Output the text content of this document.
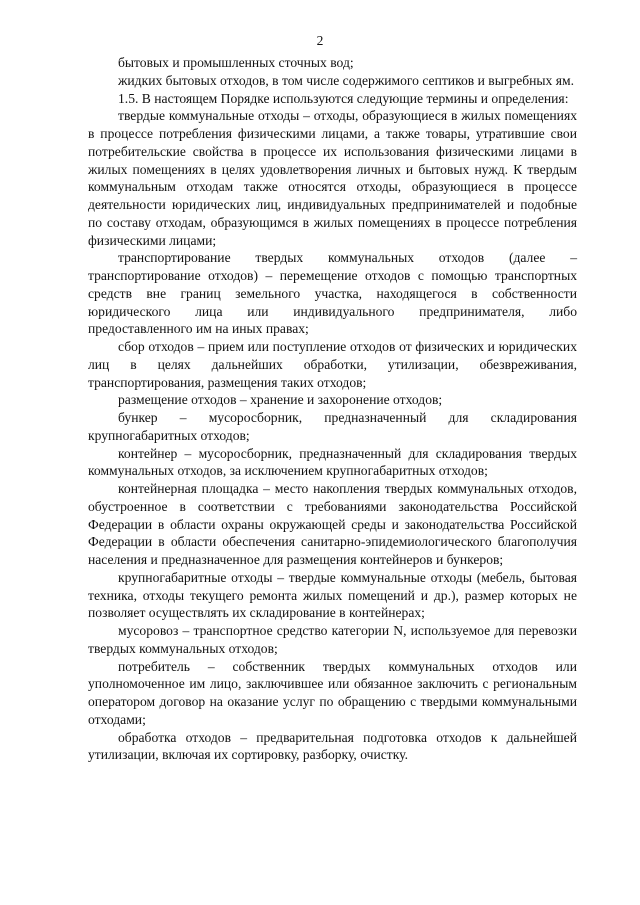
2

бытовых и промышленных сточных вод;

жидких бытовых отходов, в том числе содержимого септиков и выгребных ям.

1.5. В настоящем Порядке используются следующие термины и определения:

твердые коммунальные отходы – отходы, образующиеся в жилых помещениях в процессе потребления физическими лицами, а также товары, утратившие свои потребительские свойства в процессе их использования физическими лицами в жилых помещениях в целях удовлетворения личных и бытовых нужд. К твердым коммунальным отходам также относятся отходы, образующиеся в процессе деятельности юридических лиц, индивидуальных предпринимателей и подобные по составу отходам, образующимся в жилых помещениях в процессе потребления физическими лицами;

транспортирование твердых коммунальных отходов (далее – транспортирование отходов) – перемещение отходов с помощью транспортных средств вне границ земельного участка, находящегося в собственности юридического лица или индивидуального предпринимателя, либо предоставленного им на иных правах;

сбор отходов – прием или поступление отходов от физических и юридических лиц в целях дальнейших обработки, утилизации, обезвреживания, транспортирования, размещения таких отходов;

размещение отходов – хранение и захоронение отходов;

бункер – мусоросборник, предназначенный для складирования крупногабаритных отходов;

контейнер – мусоросборник, предназначенный для складирования твердых коммунальных отходов, за исключением крупногабаритных отходов;

контейнерная площадка – место накопления твердых коммунальных отходов, обустроенное в соответствии с требованиями законодательства Российской Федерации в области охраны окружающей среды и законодательства Российской Федерации в области обеспечения санитарно-эпидемиологического благополучия населения и предназначенное для размещения контейнеров и бункеров;

крупногабаритные отходы – твердые коммунальные отходы (мебель, бытовая техника, отходы текущего ремонта жилых помещений и др.), размер которых не позволяет осуществлять их складирование в контейнерах;

мусоровоз – транспортное средство категории N, используемое для перевозки твердых коммунальных отходов;

потребитель – собственник твердых коммунальных отходов или уполномоченное им лицо, заключившее или обязанное заключить с региональным оператором договор на оказание услуг по обращению с твердыми коммунальными отходами;

обработка отходов – предварительная подготовка отходов к дальнейшей утилизации, включая их сортировку, разборку, очистку.
